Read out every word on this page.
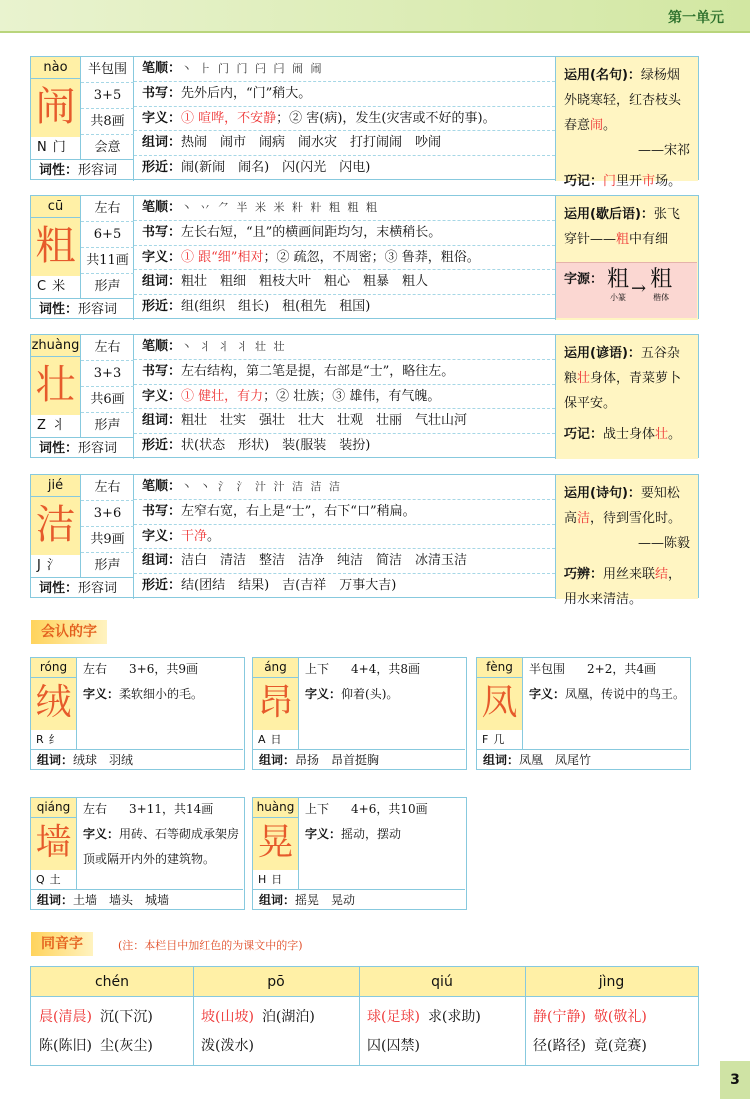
第一单元
nào
闹
N 门
半包围
3+5
共8画
会意
词性：形容词
笔顺：丶 ⺊ 门 门 闩 闩 闹 闹
书写：先外后内，“门”稍大。
字义：① 喧哗，不安静；② 害(病)，发生(灾害或不好的事)。
组词：热闹　闹市　闹病　闹水灾　打打闹闹　吵闹
形近：闹(新闹　闹名)　闪(闪光　闪电)
运用(名句)：绿杨烟外晓寒轻，红杏枝头春意闹。
——宋祁
巧记：门里开市场。
cū
粗
C 米
左右
6+5
共11画
形声
词性：形容词
笔顺：丶 丷 ⺈ 半 米 米 籵 籵 粗 粗 粗
书写：左长右短，“且”的横画间距均匀，末横稍长。
字义：① 跟“细”相对；② 疏忽，不周密；③ 鲁莽，粗俗。
组词：粗壮　粗细　粗枝大叶　粗心　粗暴　粗人
形近：组(组织　组长)　租(租先　租国)
运用(歇后语)：张飞穿针——粗中有细
字源： 粗
小篆 → 粗
楷体
zhuàng
壮
Z 丬
左右
3+3
共6画
形声
词性：形容词
笔顺：丶 丬 丬 丬 壮 壮
书写：左右结构，第二笔是提，右部是“士”，略往左。
字义：① 健壮，有力；② 壮族；③ 雄伟，有气魄。
组词：粗壮　壮实　强壮　壮大　壮观　壮丽　气壮山河
形近：状(状态　形状)　装(服装　装扮)
运用(谚语)：五谷杂粮壮身体，青菜萝卜保平安。
巧记：战士身体壮。
jié
洁
J 氵
左右
3+6
共9画
形声
词性：形容词
笔顺：丶 丶 氵 氵 汁 汁 洁 洁 洁
书写：左窄右宽，右上是“士”，右下“口”稍扁。
字义：干净。
组词：洁白　清洁　整洁　洁净　纯洁　简洁　冰清玉洁
形近：结(团结　结果)　吉(吉祥　万事大吉)
运用(诗句)：要知松高洁，待到雪化时。
——陈毅
巧辨：用丝来联结，用水来清洁。
会认的字
róng
绒
R 纟
左右 3+6，共9画
字义：柔软细小的毛。
组词：绒球　羽绒
áng
昂
A 日
上下 4+4，共8画
字义：仰着(头)。
组词：昂扬　昂首挺胸
fèng
凤
F 几
半包围 2+2，共4画
字义：凤凰，传说中的鸟王。
组词：凤凰　凤尾竹
qiáng
墙
Q 土
左右 3+11，共14画
字义：用砖、石等砌成承架房顶或隔开内外的建筑物。
组词：土墙　墙头　城墙
huàng
晃
H 日
上下 4+6，共10画
字义：摇动，摆动
组词：摇晃　晃动
同音字	(注：本栏目中加红色的为课文中的字)
chén
晨(清晨) 沉(下沉)
陈(陈旧) 尘(灰尘)
pō
坡(山坡) 泊(湖泊)
泼(泼水)
qiú
球(足球) 求(求助)
囚(囚禁)
jìng
静(宁静) 敬(敬礼)
径(路径) 竟(竞赛)
3
